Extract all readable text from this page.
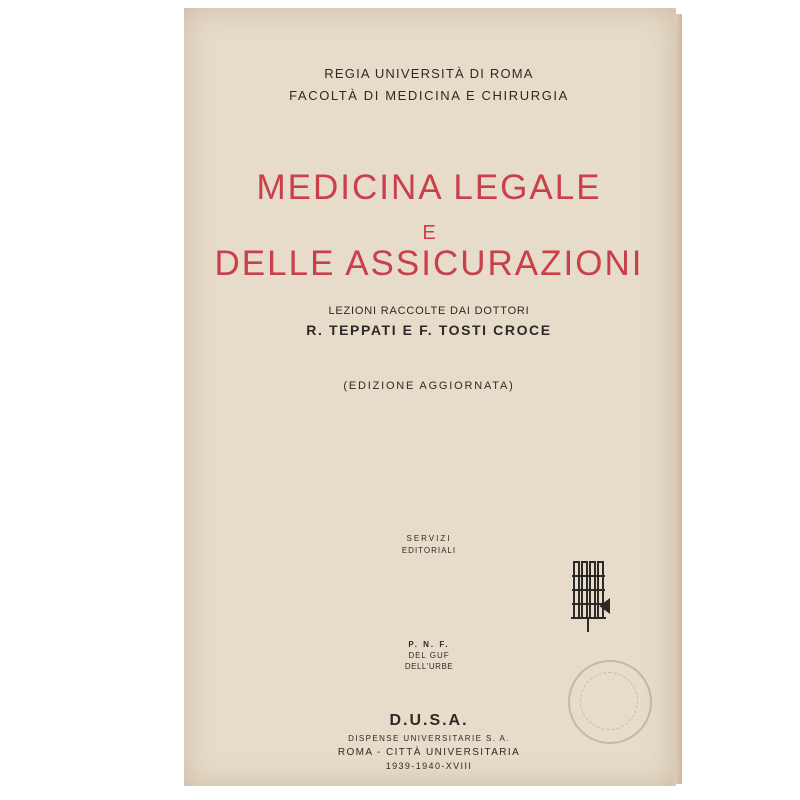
REGIA UNIVERSITÀ DI ROMA
FACOLTÀ DI MEDICINA E CHIRURGIA
MEDICINA LEGALE
E
DELLE ASSICURAZIONI
LEZIONI RACCOLTE DAI DOTTORI
R. TEPPATI E F. TOSTI CROCE
(EDIZIONE AGGIORNATA)
SERVIZI
EDITORIALI
P. N. F.
DEL GUF
DELL'URBE
D.U.S.A.
DISPENSE UNIVERSITARIE S. A.
ROMA - CITTÀ UNIVERSITARIA
1939-1940-XVIII
